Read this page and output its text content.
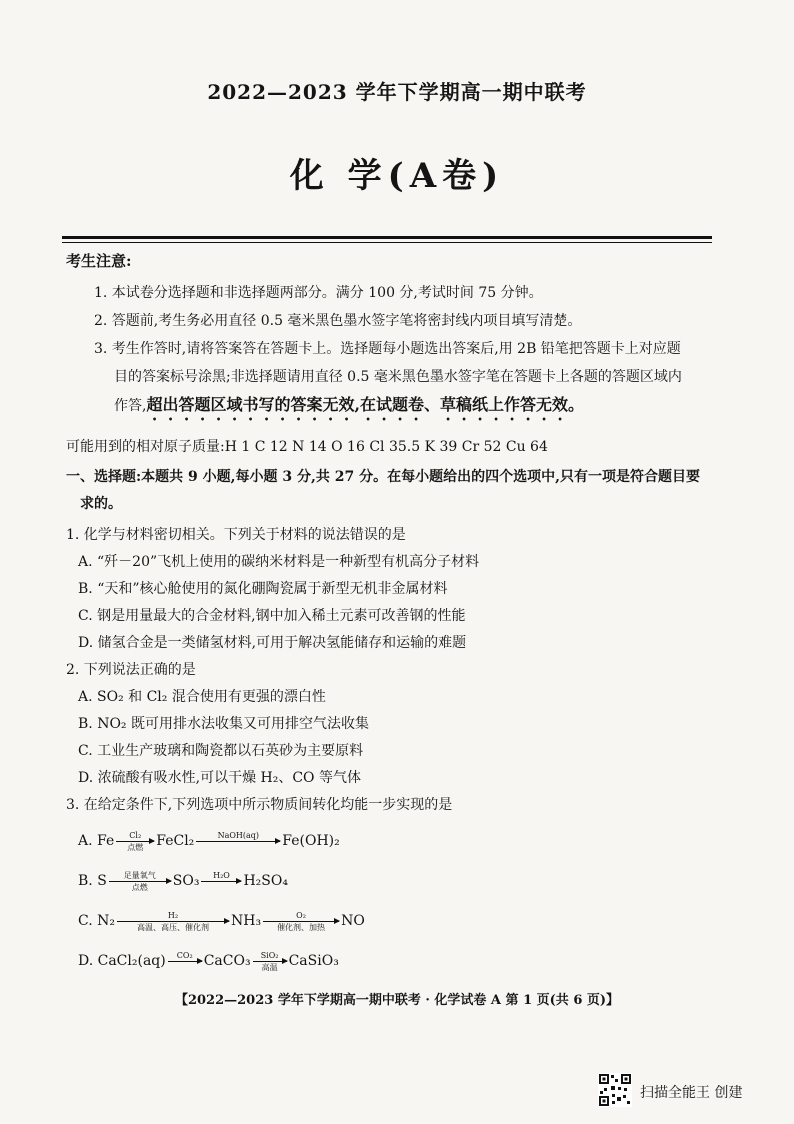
2022—2023 学年下学期高一期中联考
化 学(A卷)
考生注意:
1. 本试卷分选择题和非选择题两部分。满分 100 分,考试时间 75 分钟。
2. 答题前,考生务必用直径 0.5 毫米黑色墨水签字笔将密封线内项目填写清楚。
3. 考生作答时,请将答案答在答题卡上。选择题每小题选出答案后,用 2B 铅笔把答题卡上对应题
目的答案标号涂黑;非选择题请用直径 0.5 毫米黑色墨水签字笔在答题卡上各题的答题区域内
作答,超出答题区域书写的答案无效,在试题卷、草稿纸上作答无效。
可能用到的相对原子质量:H 1 C 12 N 14 O 16 Cl 35.5 K 39 Cr 52 Cu 64
一、选择题:本题共 9 小题,每小题 3 分,共 27 分。在每小题给出的四个选项中,只有一项是符合题目要
求的。
1. 化学与材料密切相关。下列关于材料的说法错误的是
A. “歼－20”飞机上使用的碳纳米材料是一种新型有机高分子材料
B. “天和”核心舱使用的氮化硼陶瓷属于新型无机非金属材料
C. 钢是用量最大的合金材料,钢中加入稀土元素可改善钢的性能
D. 储氢合金是一类储氢材料,可用于解决氢能储存和运输的难题
2. 下列说法正确的是
A. SO₂ 和 Cl₂ 混合使用有更强的漂白性
B. NO₂ 既可用排水法收集又可用排空气法收集
C. 工业生产玻璃和陶瓷都以石英砂为主要原料
D. 浓硫酸有吸水性,可以干燥 H₂、CO 等气体
3. 在给定条件下,下列选项中所示物质间转化均能一步实现的是
A. Fe Cl₂
点燃 FeCl₂	NaOH(aq) Fe(OH)₂
B. S 足量氧气
点燃 SO₃ H₂O H₂SO₄
C. N₂	H₂
高温、高压、催化剂 NH₃	O₂
催化剂、加热 NO
D. CaCl₂(aq) CO₂ CaCO₃ SiO₂
高温 CaSiO₃
【2022—2023 学年下学期高一期中联考 · 化学试卷 A 第 1 页(共 6 页)】
扫描全能王 创建
